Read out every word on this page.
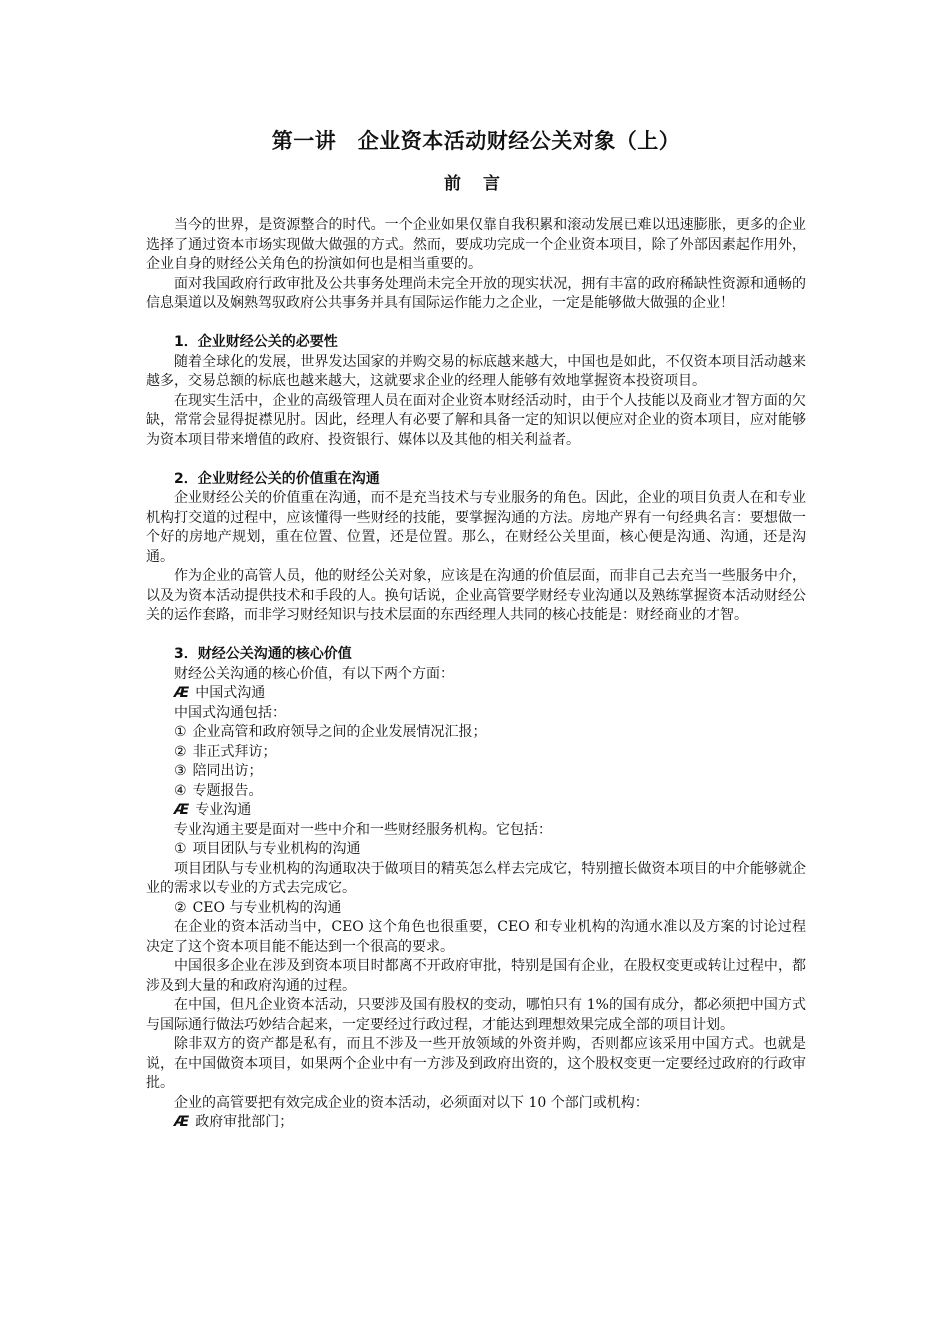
第一讲　企业资本活动财经公关对象（上）
前 言

当今的世界，是资源整合的时代。一个企业如果仅靠自我积累和滚动发展已难以迅速膨胀，更多的企业选择了通过资本市场实现做大做强的方式。然而，要成功完成一个企业资本项目，除了外部因素起作用外，企业自身的财经公关角色的扮演如何也是相当重要的。

面对我国政府行政审批及公共事务处理尚未完全开放的现实状况，拥有丰富的政府稀缺性资源和通畅的信息渠道以及娴熟驾驭政府公共事务并具有国际运作能力之企业，一定是能够做大做强的企业！

1．企业财经公关的必要性

随着全球化的发展，世界发达国家的并购交易的标底越来越大，中国也是如此，不仅资本项目活动越来越多，交易总额的标底也越来越大，这就要求企业的经理人能够有效地掌握资本投资项目。

在现实生活中，企业的高级管理人员在面对企业资本财经活动时，由于个人技能以及商业才智方面的欠缺，常常会显得捉襟见肘。因此，经理人有必要了解和具备一定的知识以便应对企业的资本项目，应对能够为资本项目带来增值的政府、投资银行、媒体以及其他的相关利益者。

2．企业财经公关的价值重在沟通

企业财经公关的价值重在沟通，而不是充当技术与专业服务的角色。因此，企业的项目负责人在和专业机构打交道的过程中，应该懂得一些财经的技能，要掌握沟通的方法。房地产界有一句经典名言：要想做一个好的房地产规划，重在位置、位置，还是位置。那么，在财经公关里面，核心便是沟通、沟通，还是沟通。

作为企业的高管人员，他的财经公关对象，应该是在沟通的价值层面，而非自己去充当一些服务中介，以及为资本活动提供技术和手段的人。换句话说，企业高管要学财经专业沟通以及熟练掌握资本活动财经公关的运作套路，而非学习财经知识与技术层面的东西经理人共同的核心技能是：财经商业的才智。

3．财经公关沟通的核心价值

财经公关沟通的核心价值，有以下两个方面：

Æ 中国式沟通

中国式沟通包括：

① 企业高管和政府领导之间的企业发展情况汇报；

② 非正式拜访；

③ 陪同出访；

④ 专题报告。

Æ 专业沟通

专业沟通主要是面对一些中介和一些财经服务机构。它包括：

① 项目团队与专业机构的沟通

项目团队与专业机构的沟通取决于做项目的精英怎么样去完成它，特别擅长做资本项目的中介能够就企业的需求以专业的方式去完成它。

② CEO 与专业机构的沟通

在企业的资本活动当中，CEO 这个角色也很重要，CEO 和专业机构的沟通水准以及方案的讨论过程决定了这个资本项目能不能达到一个很高的要求。

中国很多企业在涉及到资本项目时都离不开政府审批，特别是国有企业，在股权变更或转让过程中，都涉及到大量的和政府沟通的过程。

在中国，但凡企业资本活动，只要涉及国有股权的变动，哪怕只有 1%的国有成分，都必须把中国方式与国际通行做法巧妙结合起来，一定要经过行政过程，才能达到理想效果完成全部的项目计划。

除非双方的资产都是私有，而且不涉及一些开放领域的外资并购，否则都应该采用中国方式。也就是说，在中国做资本项目，如果两个企业中有一方涉及到政府出资的，这个股权变更一定要经过政府的行政审批。

企业的高管要把有效完成企业的资本活动，必须面对以下 10 个部门或机构：

Æ 政府审批部门；
